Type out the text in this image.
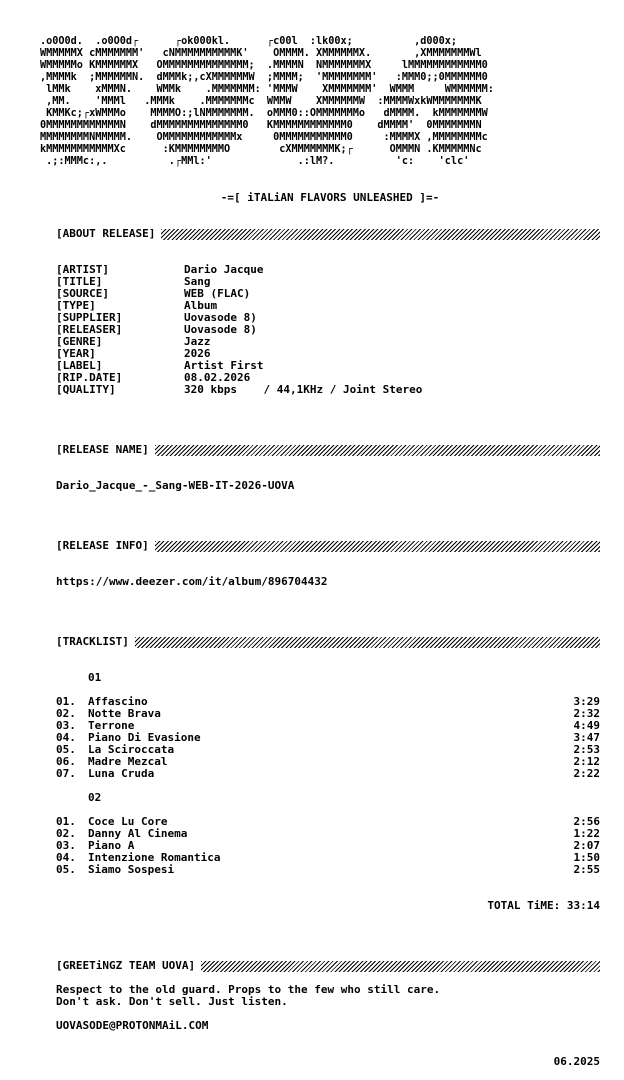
.o0O0d.  .o0O0d┌      ┌ok000kl.      ┌c00l  :lk00x;          ,d000x;
WMMMMMX cMMMMMMM'   cNMMMMMMMMMMK'    OMMMM. XMMMMMMX.       ,XMMMMMMMWl
WMMMMMo KMMMMMMX   OMMMMMMMMMMMMMM;  .MMMMN  NMMMMMMMX     lMMMMMMMMMMMM0
,MMMMk  ;MMMMMMN.  dMMMk;,cXMMMMMMW  ;MMMM;  'MMMMMMMM'   :MMM0;;0MMMMMM0
lMMk    xMMMN.    WMMk    .MMMMMMM: 'MMMW    XMMMMMMM'  WMMM     WMMMMMM:
,MM.    'MMMl   .MMMk    .MMMMMMMc  WMMW    XMMMMMMW  :MMMMWxkWMMMMMMMK
KMMKc;┌xWMMMo    MMMMO:;lNMMMMMMM.  oMMM0::OMMMMMMMo   dMMMM.  kMMMMMMMW
0MMMMMMMMMMMMN    dMMMMMMMMMMMMMM0   KMMMMMMMMMMMM0    dMMMM'  0MMMMMMMN
MMMMMMMMNMMMMM.    OMMMMMMMMMMMMx     0MMMMMMMMMMM0     :MMMMX ,MMMMMMMMc
kMMMMMMMMMMMXc      :KMMMMMMMMO        cXMMMMMMMK;┌      OMMMN .KMMMMMNc
.;:MMMc:,.          .┌MMl:'              .:lM?.          'c:    'clc'
-=[ iTALiAN FLAVORS UNLEASHED ]=-
[ABOUT RELEASE]
[ARTIST]	Dario Jacque
[TITLE]	Sang
[SOURCE]	WEB (FLAC)
[TYPE]	Album
[SUPPLIER]	Uovasode 8)
[RELEASER]	Uovasode 8)
[GENRE]	Jazz
[YEAR]	2026
[LABEL]	Artist First
[RIP.DATE]	08.02.2026
[QUALITY]	320 kbps    / 44,1KHz / Joint Stereo
[RELEASE NAME]
Dario_Jacque_-_Sang-WEB-IT-2026-UOVA
[RELEASE INFO]
https://www.deezer.com/it/album/896704432
[TRACKLIST]
01
01. Affascino	3:29
02. Notte Brava	2:32
03. Terrone	4:49
04. Piano Di Evasione	3:47
05. La Sciroccata	2:53
06. Madre Mezcal	2:12
07. Luna Cruda	2:22
02
01. Coce Lu Core	2:56
02. Danny Al Cinema	1:22
03. Piano A	2:07
04. Intenzione Romantica	1:50
05. Siamo Sospesi	2:55
TOTAL TiME: 33:14
[GREETiNGZ TEAM UOVA]
Respect to the old guard. Props to the few who still care.
Don't ask. Don't sell. Just listen.
UOVASODE@PROTONMAiL.COM
06.2025
